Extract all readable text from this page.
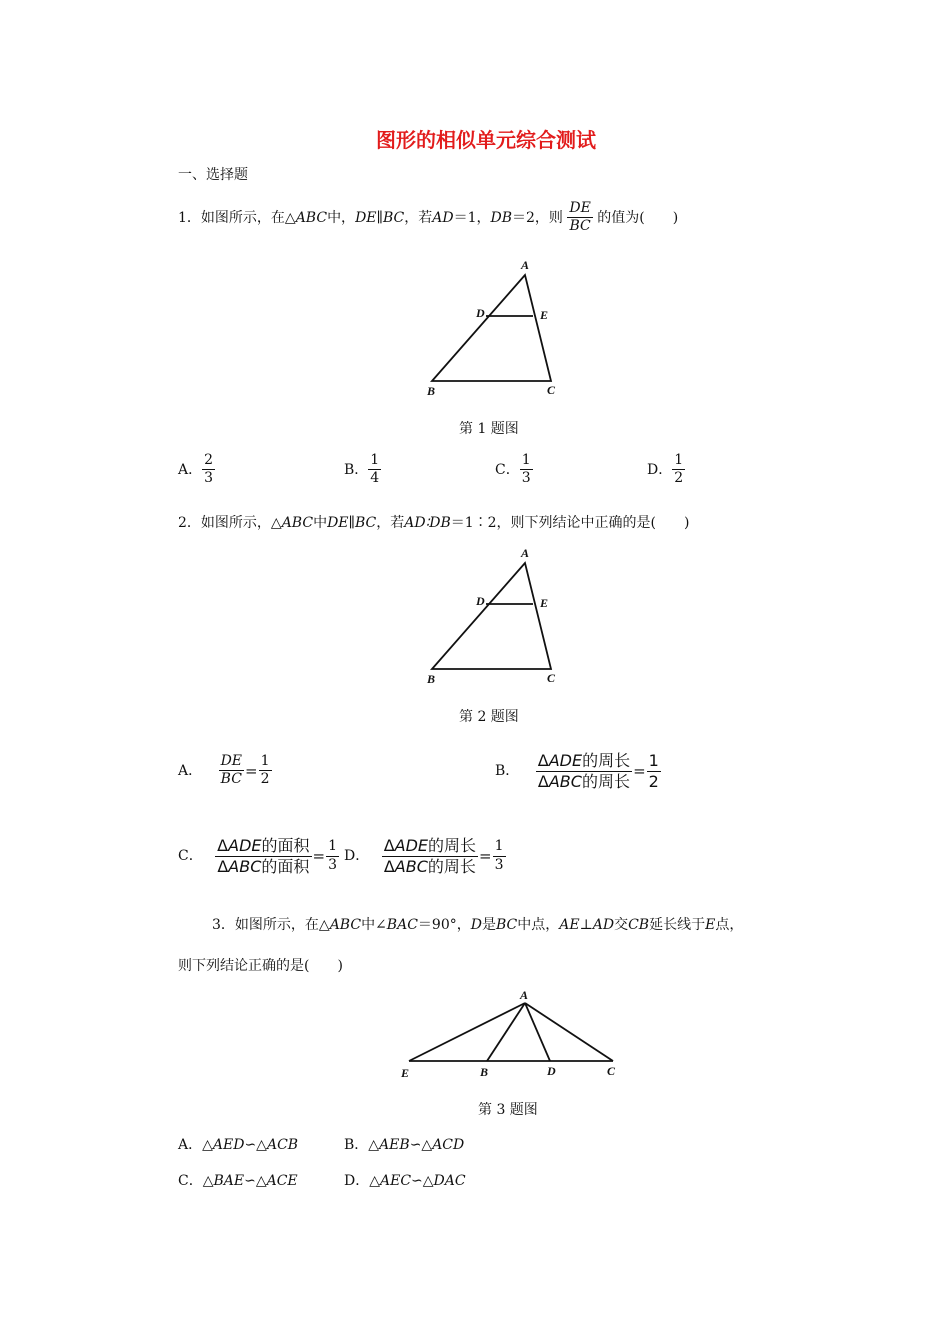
图形的相似单元综合测试
一、选择题
1．如图所示，在△ABC中，DE∥BC，若AD＝1，DB＝2，则 $\frac{DE}{BC}$ 的值为(　　)
A
D	E
B	C
第 1 题图
A． $\frac{2}{3}$	B． $\frac{1}{4}$	C． $\frac{1}{3}$	D． $\frac{1}{2}$
2．如图所示，△ABC中DE∥BC，若AD∶DB＝1∶2，则下列结论中正确的是(　　)
A
D	E
B	C
第 2 题图
A． $\frac{DE}{BC} = \frac{1}{2}$	B． $\frac{\text{ΔADE的周长}}{\text{ΔABC的周长}} = \frac{1}{2}$
C． $\frac{\text{ΔADE的面积}}{\text{ΔABC的面积}} = \frac{1}{3}$ D． $\frac{\text{ΔADE的周长}}{\text{ΔABC的周长}} = \frac{1}{3}$
3．如图所示，在△ABC中∠BAC＝90°，D是BC中点，AE⊥AD交CB延长线于E点，
则下列结论正确的是(　　)
A
E	B	D	C
第 3 题图
A．△AED∽△ACB	B．△AEB∽△ACD
C．△BAE∽△ACE	D．△AEC∽△DAC
